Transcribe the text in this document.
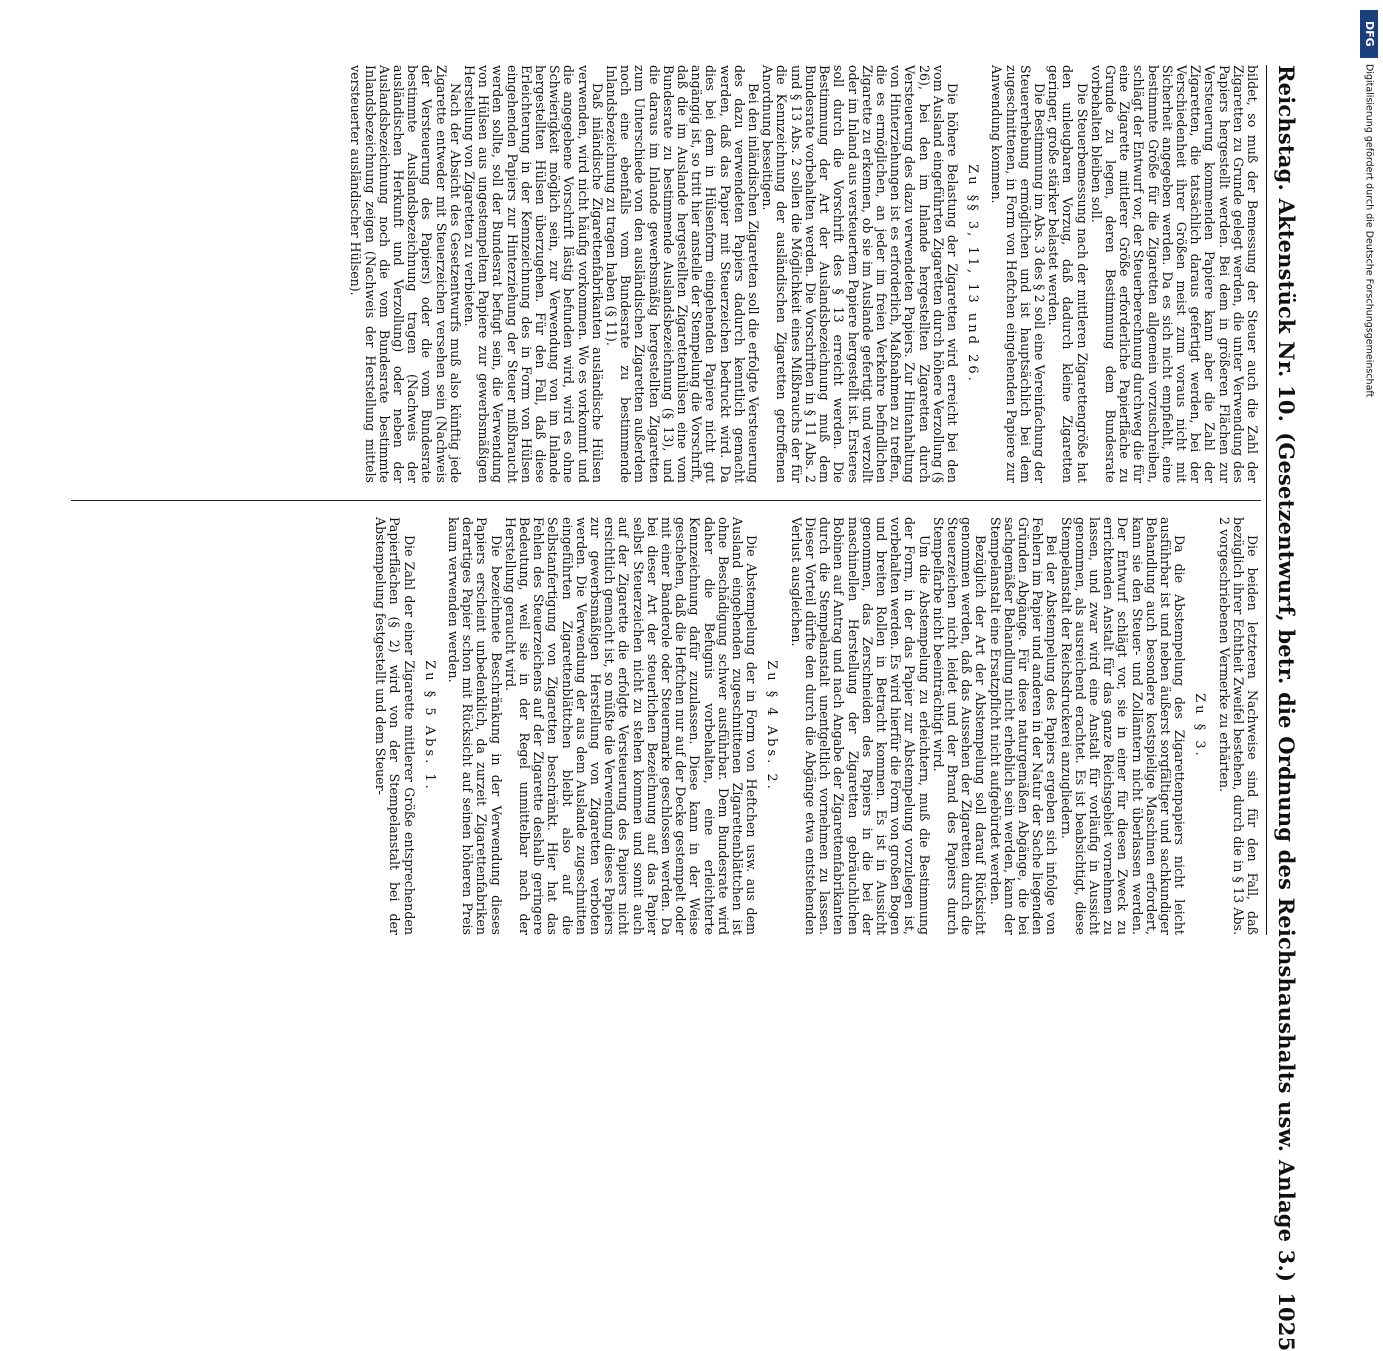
Reichstag. Aktenstück Nr. 10.
(Gesetzentwurf, betr. die Ordnung des Reichshaushalts usw. Anlage 3.)
1025

bildet, so muß der Bemessung der Steuer auch die Zahl der Zigaretten zu Grunde gelegt werden, die unter Verwendung des Papiers hergestellt werden. Bei dem in größeren Flächen zur Versteuerung kommenden Papiere kann aber die Zahl der Zigaretten, die tatsächlich daraus gefertigt werden, bei der Verschiedenheit ihrer Größen meist zum voraus nicht mit Sicherheit angegeben werden. Da es sich nicht empfiehlt, eine bestimmte Größe für die Zigaretten allgemein vorzuschreiben, schlägt der Entwurf vor, der Steuerberechnung durchweg die für eine Zigarette mittlerer Größe erforderliche Papierfläche zu Grunde zu legen, deren Bestimmung dem Bundesrate vorbehalten bleiben soll.

Die Steuerbemessung nach der mittleren Zigarettengröße hat den unleugbaren Vorzug, daß dadurch kleine Zigaretten geringer, große stärker belastet werden.

Die Bestimmung im Abs. 3 des § 2 soll eine Vereinfachung der Steuererhebung ermöglichen und ist hauptsächlich bei dem zugeschnittenen, in Form von Heftchen eingehenden Papiere zur Anwendung kommen.

Zu §§ 3, 11, 13 und 26.

Die höhere Belastung der Zigaretten wird erreicht bei den vom Ausland eingeführten Zigaretten durch höhere Verzollung (§ 26), bei den im Inlande hergestellten Zigaretten durch Versteuerung des dazu verwendeten Papiers. Zur Hintanhaltung von Hinterziehungen ist es erforderlich, Maßnahmen zu treffen, die es ermöglichen, an jeder im freien Verkehre befindlichen Zigarette zu erkennen, ob sie im Auslande gefertigt und verzollt oder im Inland aus versteuertem Papiere hergestellt ist. Ersteres soll durch die Vorschrift des § 13 erreicht werden. Die Bestimmung der Art der Auslandsbezeichnung muß dem Bundesrate vorbehalten werden. Die Vorschriften in § 11 Abs. 2 und § 13 Abs. 2 sollen die Möglichkeit eines Mißbrauchs der für die Kennzeichnung der ausländischen Zigaretten getroffenen Anordnung beseitigen.

Bei den inländischen Zigaretten soll die erfolgte Versteuerung des dazu verwendeten Papiers dadurch kenntlich gemacht werden, daß das Papier mit Steuerzeichen bedruckt wird. Da dies bei dem in Hülsenform eingehenden Papiere nicht gut angängig ist, so tritt hier anstelle der Stempelung die Vorschrift, daß die im Auslande hergestellten Zigarettenhülsen eine vom Bundesrate zu bestimmende Auslandsbezeichnung (§ 13), und die daraus im Inlande gewerbsmäßig hergestellten Zigaretten zum Unterschiede von den ausländischen Zigaretten außerdem noch eine ebenfalls vom Bundesrate zu bestimmende Inlandsbezeichnung zu tragen haben (§ 11).

Daß inländische Zigarettenfabrikanten ausländische Hülsen verwenden, wird nicht häufig vorkommen. Wo es vorkommt und die angegebene Vorschrift lästig befunden wird, wird es ohne Schwierigkeit möglich sein, zur Verwendung von im Inlande hergestellten Hülsen überzugehen. Für den Fall, daß diese Erleichterung in der Kennzeichnung des in Form von Hülsen eingehenden Papiers zur Hinterziehung der Steuer mißbraucht werden sollte, soll der Bundesrat befugt sein, die Verwendung von Hülsen aus ungestempeltem Papiere zur gewerbsmäßigen Herstellung von Zigaretten zu verbieten.

Nach der Absicht des Gesetzentwurfs muß also künftig jede Zigarette entweder mit Steuerzeichen versehen sein (Nachweis der Versteuerung des Papiers) oder die vom Bundesrate bestimmte Auslandsbezeichnung tragen (Nachweis der ausländischen Herkunft und Verzollung) oder neben der Auslandsbezeichnung noch die vom Bundesrate bestimmte Inlandsbezeichnung zeigen (Nachweis der Herstellung mittels versteuerter ausländischer Hülsen).

Die beiden letzteren Nachweise sind für den Fall, daß bezüglich ihrer Echtheit Zweifel bestehen, durch die in § 13 Abs. 2 vorgeschriebenen Vermerke zu erhärten.

Zu § 3.

Da die Abstempelung des Zigarettenpapiers nicht leicht ausführbar ist und neben äußerst sorgfältiger und sachkundiger Behandlung auch besondere kostspielige Maschinen erfordert, kann sie den Steuer- und Zollämtern nicht überlassen werden. Der Entwurf schlägt vor, sie in einer für diesen Zweck zu errichtenden Anstalt für das ganze Reichsgebiet vornehmen zu lassen, und zwar wird eine Anstalt für vorläufig in Aussicht genommen, als ausreichend erachtet. Es ist beabsichtigt, diese Stempelanstalt der Reichsdruckerei anzugliedern.

Bei der Abstempelung des Papiers ergeben sich infolge von Fehlern im Papier und anderen in der Natur der Sache liegenden Gründen Abgänge. Für diese naturgemäßen Abgänge, die bei sachgemäßer Behandlung nicht erheblich sein werden, kann der Stempelanstalt eine Ersatzpflicht nicht aufgebürdet werden.

Bezüglich der Art der Abstempelung soll darauf Rücksicht genommen werden, daß das Aussehen der Zigaretten durch die Steuerzeichen nicht leidet und der Brand des Papiers durch Stempelfarbe nicht beeinträchtigt wird.

Um die Abstempelung zu erleichtern, muß die Bestimmung der Form, in der das Papier zur Abstempelung vorzulegen ist, vorbehalten werden. Es wird hierfür die Form von großen Bogen und breiten Rollen in Betracht kommen. Es ist in Aussicht genommen, das Zerschneiden des Papiers in die bei der maschinellen Herstellung der Zigaretten gebräuchlichen Bobinen auf Antrag und nach Angabe der Zigarettenfabrikanten durch die Stempelanstalt unentgeltlich vornehmen zu lassen. Dieser Vorteil dürfte den durch die Abgänge etwa entstehenden Verlust ausgleichen.

Zu § 4 Abs. 2.

Die Abstempelung der in Form von Heftchen usw. aus dem Ausland eingehenden zugeschnittenen Zigarettenblättchen ist ohne Beschädigung schwer ausführbar. Dem Bundesrate wird daher die Befugnis vorbehalten, eine erleichterte Kennzeichnung dafür zuzulassen. Diese kann in der Weise geschehen, daß die Heftchen nur auf der Decke gestempelt oder mit einer Banderole oder Steuermarke geschlossen werden. Da bei dieser Art der steuerlichen Bezeichnung auf das Papier selbst Steuerzeichen nicht zu stehen kommen und somit auch auf der Zigarette die erfolgte Versteuerung des Papiers nicht ersichtlich gemacht ist, so müßte die Verwendung dieses Papiers zur gewerbsmäßigen Herstellung von Zigaretten verboten werden. Die Verwendung der aus dem Auslande zugeschnitten eingeführten Zigarettenblättchen bleibt also auf die Selbstanfertigung von Zigaretten beschränkt. Hier hat das Fehlen des Steuerzeichens auf der Zigarette deshalb geringere Bedeutung, weil sie in der Regel unmittelbar nach der Herstellung geraucht wird.

Die bezeichnete Beschränkung in der Verwendung dieses Papiers erscheint unbedenklich, da zurzeit Zigarettenfabriken derartiges Papier schon mit Rücksicht auf seinen höheren Preis kaum verwenden werden.

Zu § 5 Abs. 1.

Die Zahl der einer Zigarette mittlerer Größe entsprechenden Papierflächen (§ 2) wird von der Stempelanstalt bei der Abstempelung festgestellt und dem Steuer-

DFG
Digitalisierung gefördert durch die Deutsche Forschungsgemeinschaft
